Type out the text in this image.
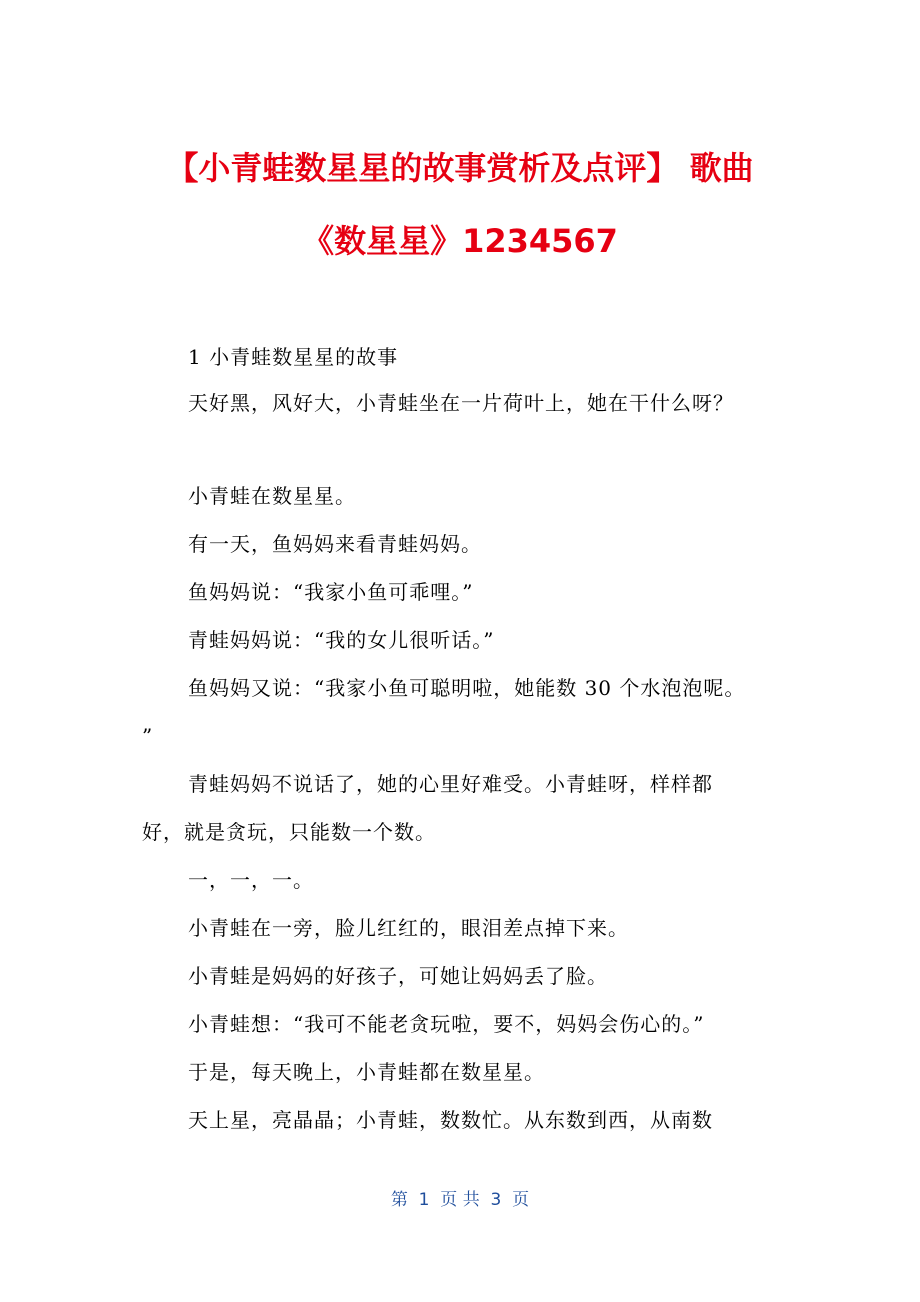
【小青蛙数星星的故事赏析及点评】 歌曲
《数星星》1234567
1 小青蛙数星星的故事
天好黑，风好大，小青蛙坐在一片荷叶上，她在干什么呀？
小青蛙在数星星。
有一天，鱼妈妈来看青蛙妈妈。
鱼妈妈说：“我家小鱼可乖哩。”
青蛙妈妈说：“我的女儿很听话。”
鱼妈妈又说：“我家小鱼可聪明啦，她能数 30 个水泡泡呢。
”
青蛙妈妈不说话了，她的心里好难受。小青蛙呀，样样都
好，就是贪玩，只能数一个数。
一，一，一。
小青蛙在一旁，脸儿红红的，眼泪差点掉下来。
小青蛙是妈妈的好孩子，可她让妈妈丢了脸。
小青蛙想：“我可不能老贪玩啦，要不，妈妈会伤心的。”
于是，每天晚上，小青蛙都在数星星。
天上星，亮晶晶；小青蛙，数数忙。从东数到西，从南数
第  1  页 共  3  页
